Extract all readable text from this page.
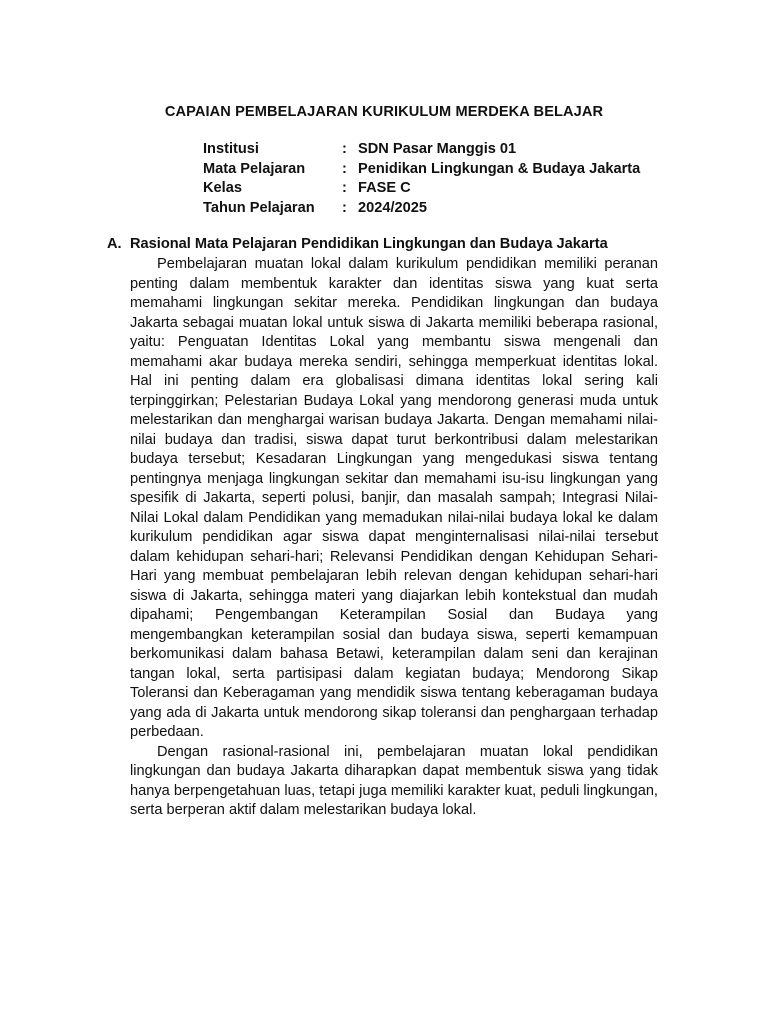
CAPAIAN PEMBELAJARAN KURIKULUM MERDEKA BELAJAR
Institusi	: SDN Pasar Manggis 01
Mata Pelajaran	: Penidikan Lingkungan & Budaya Jakarta
Kelas	: FASE C
Tahun Pelajaran : 2024/2025
A. Rasional Mata Pelajaran Pendidikan Lingkungan dan Budaya Jakarta

Pembelajaran muatan lokal dalam kurikulum pendidikan memiliki peranan penting dalam membentuk karakter dan identitas siswa yang kuat serta memahami lingkungan sekitar mereka. Pendidikan lingkungan dan budaya Jakarta sebagai muatan lokal untuk siswa di Jakarta memiliki beberapa rasional, yaitu: Penguatan Identitas Lokal yang membantu siswa mengenali dan memahami akar budaya mereka sendiri, sehingga memperkuat identitas lokal. Hal ini penting dalam era globalisasi dimana identitas lokal sering kali terpinggirkan; Pelestarian Budaya Lokal yang mendorong generasi muda untuk melestarikan dan menghargai warisan budaya Jakarta. Dengan memahami nilai-nilai budaya dan tradisi, siswa dapat turut berkontribusi dalam melestarikan budaya tersebut; Kesadaran Lingkungan yang mengedukasi siswa tentang pentingnya menjaga lingkungan sekitar dan memahami isu-isu lingkungan yang spesifik di Jakarta, seperti polusi, banjir, dan masalah sampah; Integrasi Nilai-Nilai Lokal dalam Pendidikan yang memadukan nilai-nilai budaya lokal ke dalam kurikulum pendidikan agar siswa dapat menginternalisasi nilai-nilai tersebut dalam kehidupan sehari-hari; Relevansi Pendidikan dengan Kehidupan Sehari-Hari yang membuat pembelajaran lebih relevan dengan kehidupan sehari-hari siswa di Jakarta, sehingga materi yang diajarkan lebih kontekstual dan mudah dipahami; Pengembangan Keterampilan Sosial dan Budaya yang mengembangkan keterampilan sosial dan budaya siswa, seperti kemampuan berkomunikasi dalam bahasa Betawi, keterampilan dalam seni dan kerajinan tangan lokal, serta partisipasi dalam kegiatan budaya; Mendorong Sikap Toleransi dan Keberagaman yang mendidik siswa tentang keberagaman budaya yang ada di Jakarta untuk mendorong sikap toleransi dan penghargaan terhadap perbedaan.

Dengan rasional-rasional ini, pembelajaran muatan lokal pendidikan lingkungan dan budaya Jakarta diharapkan dapat membentuk siswa yang tidak hanya berpengetahuan luas, tetapi juga memiliki karakter kuat, peduli lingkungan, serta berperan aktif dalam melestarikan budaya lokal.
